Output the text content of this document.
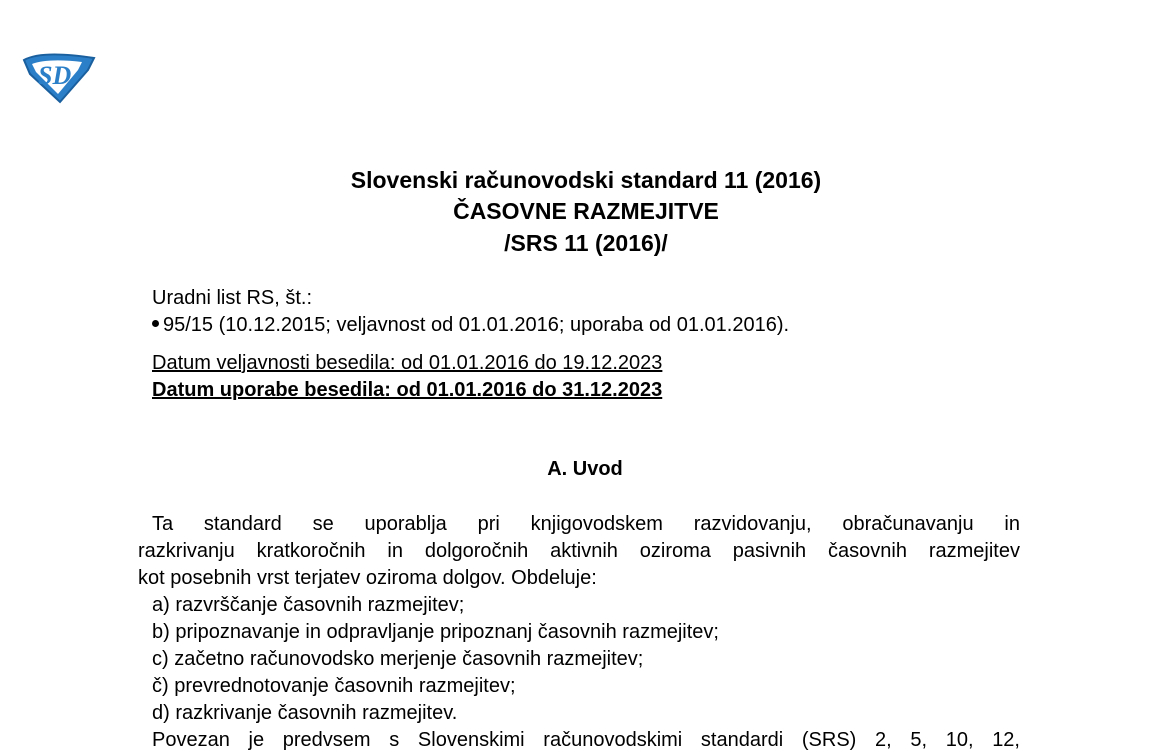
SD
Slovenski računovodski standard 11 (2016)
ČASOVNE RAZMEJITVE
/SRS 11 (2016)/
Uradni list RS, št.:
95/15 (10.12.2015; veljavnost od 01.01.2016; uporaba od 01.01.2016).
Datum veljavnosti besedila: od 01.01.2016 do 19.12.2023
Datum uporabe besedila: od 01.01.2016 do 31.12.2023
A. Uvod
Ta standard se uporablja pri knjigovodskem razvidovanju, obračunavanju in
razkrivanju kratkoročnih in dolgoročnih aktivnih oziroma pasivnih časovnih razmejitev
kot posebnih vrst terjatev oziroma dolgov. Obdeluje:
a) razvrščanje časovnih razmejitev;
b) pripoznavanje in odpravljanje pripoznanj časovnih razmejitev;
c) začetno računovodsko merjenje časovnih razmejitev;
č) prevrednotovanje časovnih razmejitev;
d) razkrivanje časovnih razmejitev.
Povezan je predvsem s Slovenskimi računovodskimi standardi (SRS) 2, 5, 10, 12,
